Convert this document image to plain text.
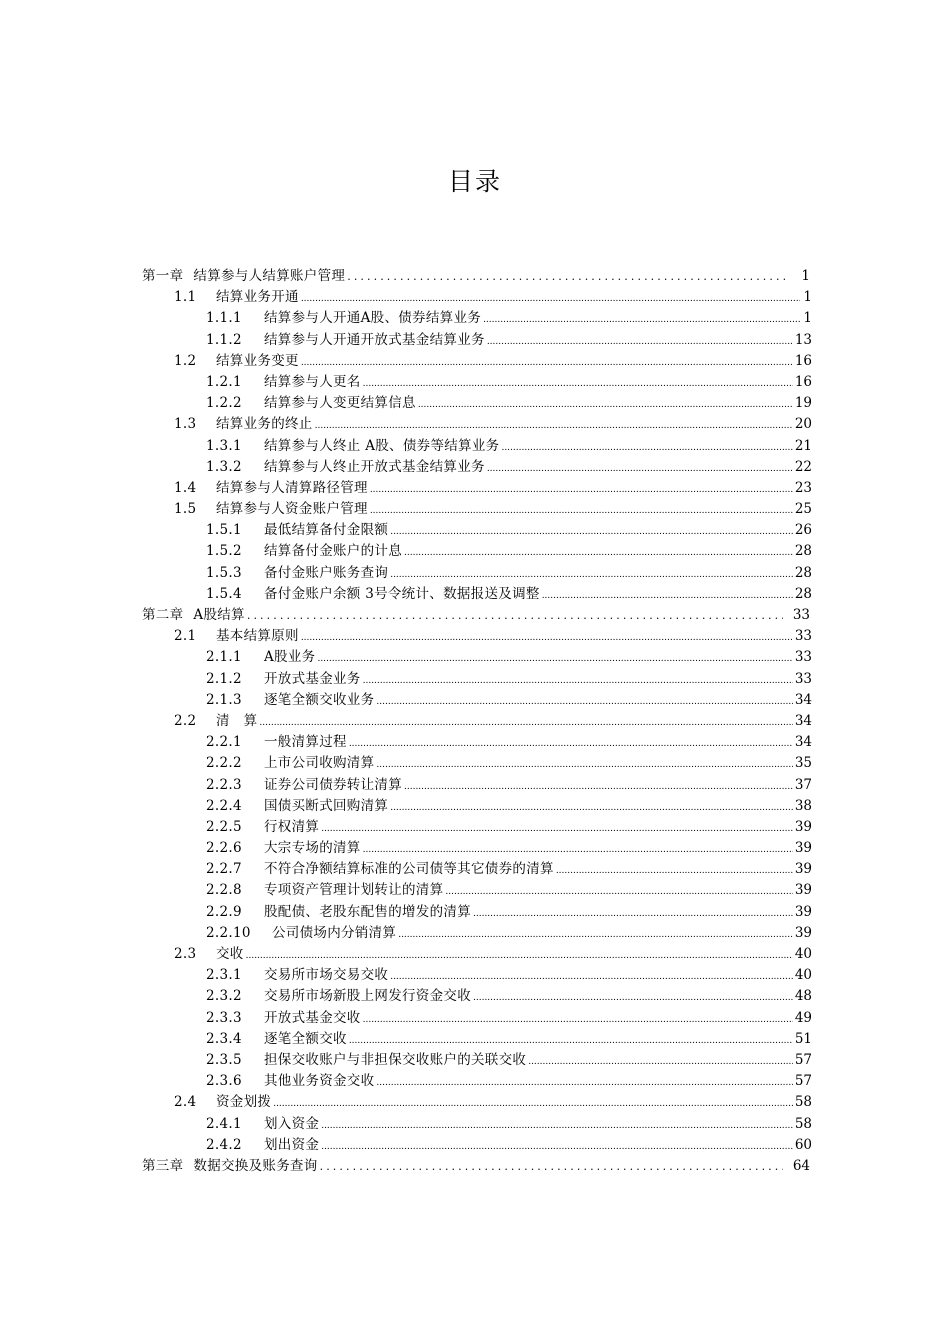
目录
第一章 结算参与人结算账户管理 .....	1
1.1 结算业务开通 .....	1
1.1.1 结算参与人开通A股、债券结算业务 .....	1
1.1.2 结算参与人开通开放式基金结算业务 .....	13
1.2 结算业务变更 .....	16
1.2.1 结算参与人更名 .....	16
1.2.2 结算参与人变更结算信息 .....	19
1.3 结算业务的终止 .....	20
1.3.1 结算参与人终止 A股、债券等结算业务 .....	21
1.3.2 结算参与人终止开放式基金结算业务 .....	22
1.4 结算参与人清算路径管理 .....	23
1.5 结算参与人资金账户管理 .....	25
1.5.1 最低结算备付金限额 .....	26
1.5.2 结算备付金账户的计息 .....	28
1.5.3 备付金账户账务查询 .....	28
1.5.4 备付金账户余额 3号令统计、数据报送及调整 .....	28
第二章 A股结算 .....	33
2.1 基本结算原则 .....	33
2.1.1 A股业务 .....	33
2.1.2 开放式基金业务 .....	33
2.1.3 逐笔全额交收业务 .....	34
2.2 清　算 .....	34
2.2.1 一般清算过程 .....	34
2.2.2 上市公司收购清算 .....	35
2.2.3 证券公司债券转让清算 .....	37
2.2.4 国债买断式回购清算 .....	38
2.2.5 行权清算 .....	39
2.2.6 大宗专场的清算 .....	39
2.2.7 不符合净额结算标准的公司债等其它债券的清算 .....	39
2.2.8 专项资产管理计划转让的清算 .....	39
2.2.9 股配债、老股东配售的增发的清算 .....	39
2.2.10 公司债场内分销清算 .....	39
2.3 交收 .....	40
2.3.1 交易所市场交易交收 .....	40
2.3.2 交易所市场新股上网发行资金交收 .....	48
2.3.3 开放式基金交收 .....	49
2.3.4 逐笔全额交收 .....	51
2.3.5 担保交收账户与非担保交收账户的关联交收 .....	57
2.3.6 其他业务资金交收 .....	57
2.4 资金划拨 .....	58
2.4.1 划入资金 .....	58
2.4.2 划出资金 .....	60
第三章 数据交换及账务查询 .....	64
